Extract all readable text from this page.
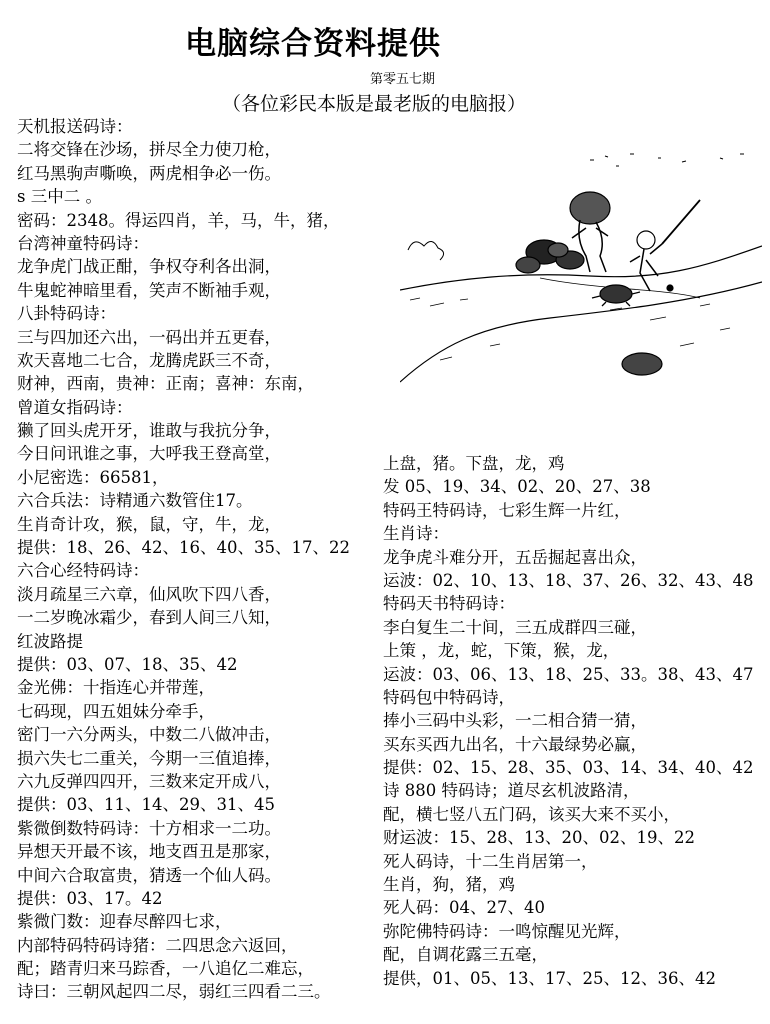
电脑综合资料提供
第零五七期
（各位彩民本版是最老版的电脑报）
天机报送码诗：
二将交锋在沙场，拼尽全力使刀枪，
红马黑驹声嘶唤，两虎相争必一伤。
s 三中二 。
密码：2348。得运四肖，羊，马，牛，猪，
台湾神童特码诗：
龙争虎门战正酣，争权夺利各出洞，
牛鬼蛇神暗里看，笑声不断袖手观，
八卦特码诗：
三与四加还六出，一码出并五更春，
欢天喜地二七合，龙腾虎跃三不奇，
财神，西南，贵神：正南；喜神：东南，
曾道女指码诗：
獭了回头虎开牙，谁敢与我抗分争，
今日问讯谁之事，大呼我王登高堂，
小尼密选：66581，
六合兵法：诗精通六数管住17。
生肖奇计攻，猴，鼠，守，牛，龙，
提供：18、26、42、16、40、35、17、22
六合心经特码诗：
淡月疏星三六章，仙风吹下四八香，
一二岁晚冰霜少，春到人间三八知，
红波路提
提供：03、07、18、35、42
金光佛：十指连心并带莲，
七码现，四五姐妹分牵手，
密门一六分两头，中数二八做冲击，
损六失七二重关，今期一三值追捧，
六九反弹四四开，三数来定开成八，
提供：03、11、14、29、31、45
紫微倒数特码诗：十方相求一二功。
异想天开最不该，地支酉丑是那家，
中间六合取富贵，猜透一个仙人码。
提供：03、17。42
紫微门数：迎春尽醉四七求，
内部特码特码诗猪：二四思念六返回，
配；踏青归来马踪香，一八追亿二难忘，
诗曰：三朝风起四二尽，弱红三四看二三。
上盘，猪。下盘，龙，鸡
发 05、19、34、02、20、27、38
特码王特码诗，七彩生辉一片红，
生肖诗：
龙争虎斗难分开，五岳掘起喜出众，
运波：02、10、13、18、37、26、32、43、48
特码天书特码诗：
李白复生二十间，三五成群四三碰，
上策 ，龙，蛇，下策，猴，龙，
运波：03、06、13、18、25、33。38、43、47
特码包中特码诗，
捧小三码中头彩，一二相合猜一猜，
买东买西九出名，十六最绿势必赢，
提供：02、15、28、35、03、14、34、40、42
诗 880 特码诗；道尽玄机波路清，
配，横七竖八五门码，该买大来不买小，
财运波：15、28、13、20、02、19、22
死人码诗，十二生肖居第一，
生肖，狗，猪，鸡
死人码：04、27、40
弥陀佛特码诗：一鸣惊醒见光辉，
配，自调花露三五毫，
提供，01、05、13、17、25、12、36、42
